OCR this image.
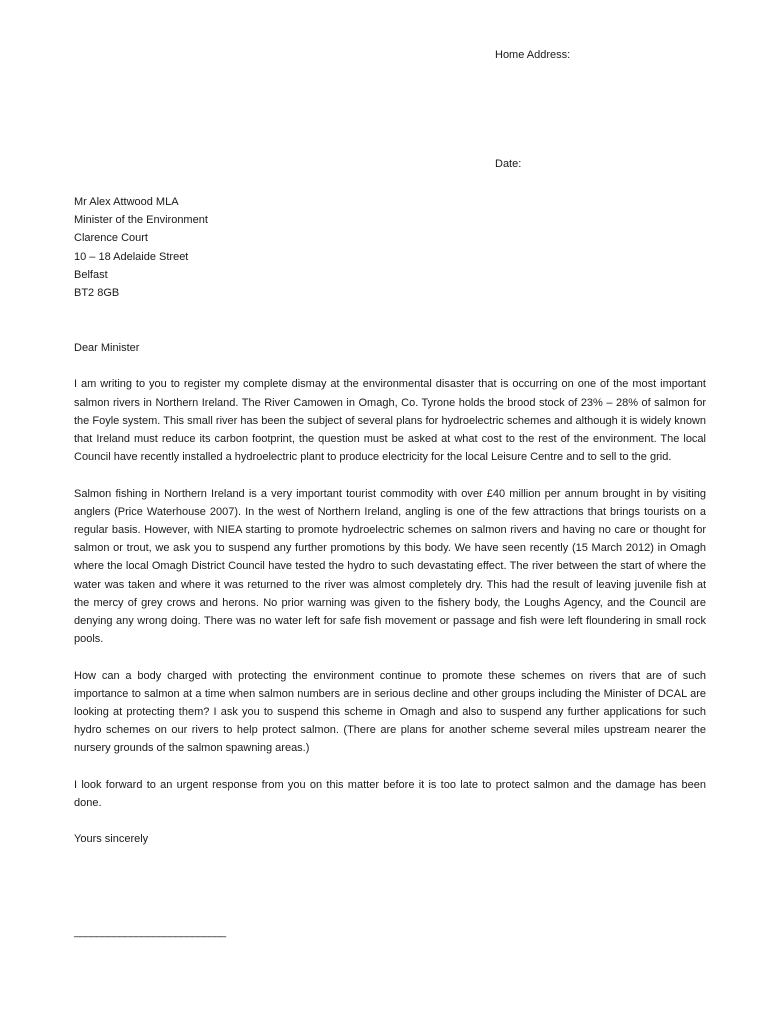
Home Address:
Date:
Mr Alex Attwood MLA
Minister of the Environment
Clarence Court
10 – 18 Adelaide Street
Belfast
BT2 8GB

Dear Minister

I am writing to you to register my complete dismay at the environmental disaster that is occurring on one of the most important salmon rivers in Northern Ireland. The River Camowen in Omagh, Co. Tyrone holds the brood stock of 23% – 28% of salmon for the Foyle system. This small river has been the subject of several plans for hydroelectric schemes and although it is widely known that Ireland must reduce its carbon footprint, the question must be asked at what cost to the rest of the environment. The local Council have recently installed a hydroelectric plant to produce electricity for the local Leisure Centre and to sell to the grid.

Salmon fishing in Northern Ireland is a very important tourist commodity with over £40 million per annum brought in by visiting anglers (Price Waterhouse 2007). In the west of Northern Ireland, angling is one of the few attractions that brings tourists on a regular basis. However, with NIEA starting to promote hydroelectric schemes on salmon rivers and having no care or thought for salmon or trout, we ask you to suspend any further promotions by this body. We have seen recently (15 March 2012) in Omagh where the local Omagh District Council have tested the hydro to such devastating effect. The river between the start of where the water was taken and where it was returned to the river was almost completely dry. This had the result of leaving juvenile fish at the mercy of grey crows and herons. No prior warning was given to the fishery body, the Loughs Agency, and the Council are denying any wrong doing. There was no water left for safe fish movement or passage and fish were left floundering in small rock pools.

How can a body charged with protecting the environment continue to promote these schemes on rivers that are of such importance to salmon at a time when salmon numbers are in serious decline and other groups including the Minister of DCAL are looking at protecting them? I ask you to suspend this scheme in Omagh and also to suspend any further applications for such hydro schemes on our rivers to help protect salmon. (There are plans for another scheme several miles upstream nearer the nursery grounds of the salmon spawning areas.)

I look forward to an urgent response from you on this matter before it is too late to protect salmon and the damage has been done.

Yours sincerely

___________________________
